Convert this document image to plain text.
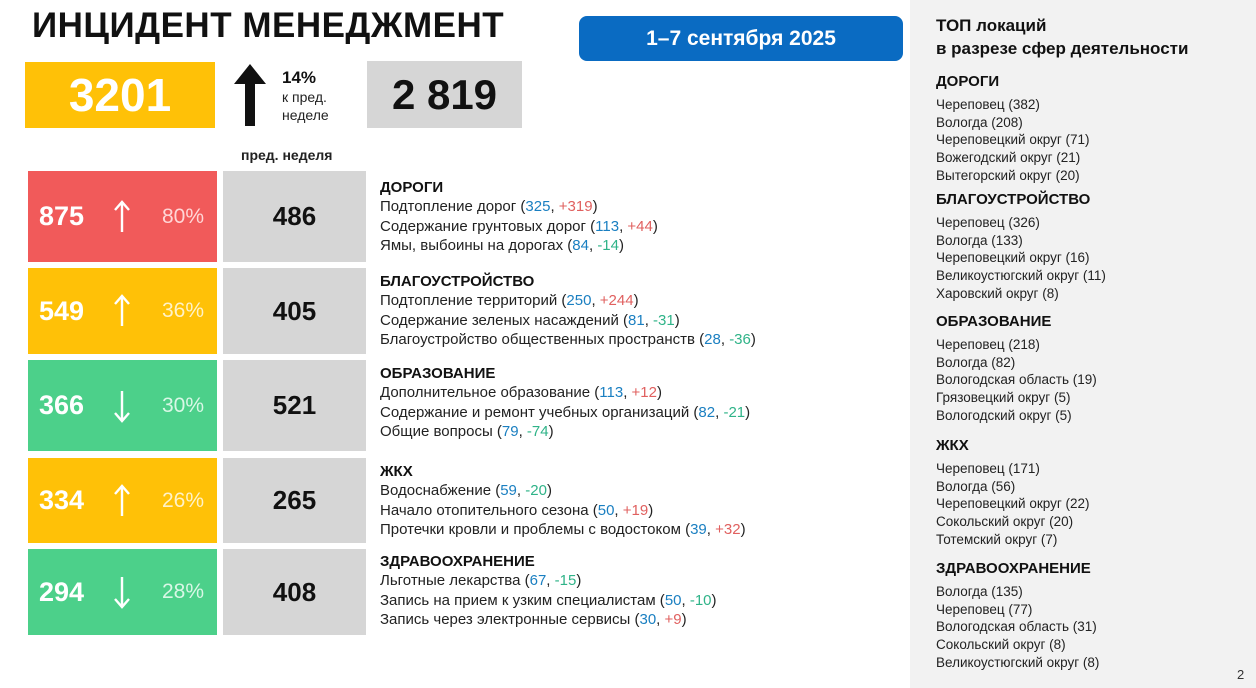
ИНЦИДЕНТ МЕНЕДЖМЕНТ	1–7 сентября 2025
3201	14%
к пред.
неделе	2 819
пред. неделя
875	80%	486
549	36%	405
366	30%	521
334	26%	265
294	28%	408
ДОРОГИ
Подтопление дорог (325, +319)
Содержание грунтовых дорог (113, +44)
Ямы, выбоины на дорогах (84, -14)
БЛАГОУСТРОЙСТВО
Подтопление территорий (250, +244)
Содержание зеленых насаждений (81, -31)
Благоустройство общественных пространств (28, -36)
ОБРАЗОВАНИЕ
Дополнительное образование (113, +12)
Содержание и ремонт учебных организаций (82, -21)
Общие вопросы (79, -74)
ЖКХ
Водоснабжение (59, -20)
Начало отопительного сезона (50, +19)
Протечки кровли и проблемы с водостоком (39, +32)
ЗДРАВООХРАНЕНИЕ
Льготные лекарства (67, -15)
Запись на прием к узким специалистам (50, -10)
Запись через электронные сервисы (30, +9)
ТОП локаций
в разрезе сфер деятельности
ДОРОГИ
Череповец (382)
Вологда (208)
Череповецкий округ (71)
Вожегодский округ (21)
Вытегорский округ (20)
БЛАГОУСТРОЙСТВО
Череповец (326)
Вологда (133)
Череповецкий округ (16)
Великоустюгский округ (11)
Харовский округ (8)
ОБРАЗОВАНИЕ
Череповец (218)
Вологда (82)
Вологодская область (19)
Грязовецкий округ (5)
Вологодский округ (5)
ЖКХ
Череповец (171)
Вологда (56)
Череповецкий округ (22)
Сокольский округ (20)
Тотемский округ (7)
ЗДРАВООХРАНЕНИЕ
Вологда (135)
Череповец (77)
Вологодская область (31)
Сокольский округ (8)
Великоустюгский округ (8)
2
